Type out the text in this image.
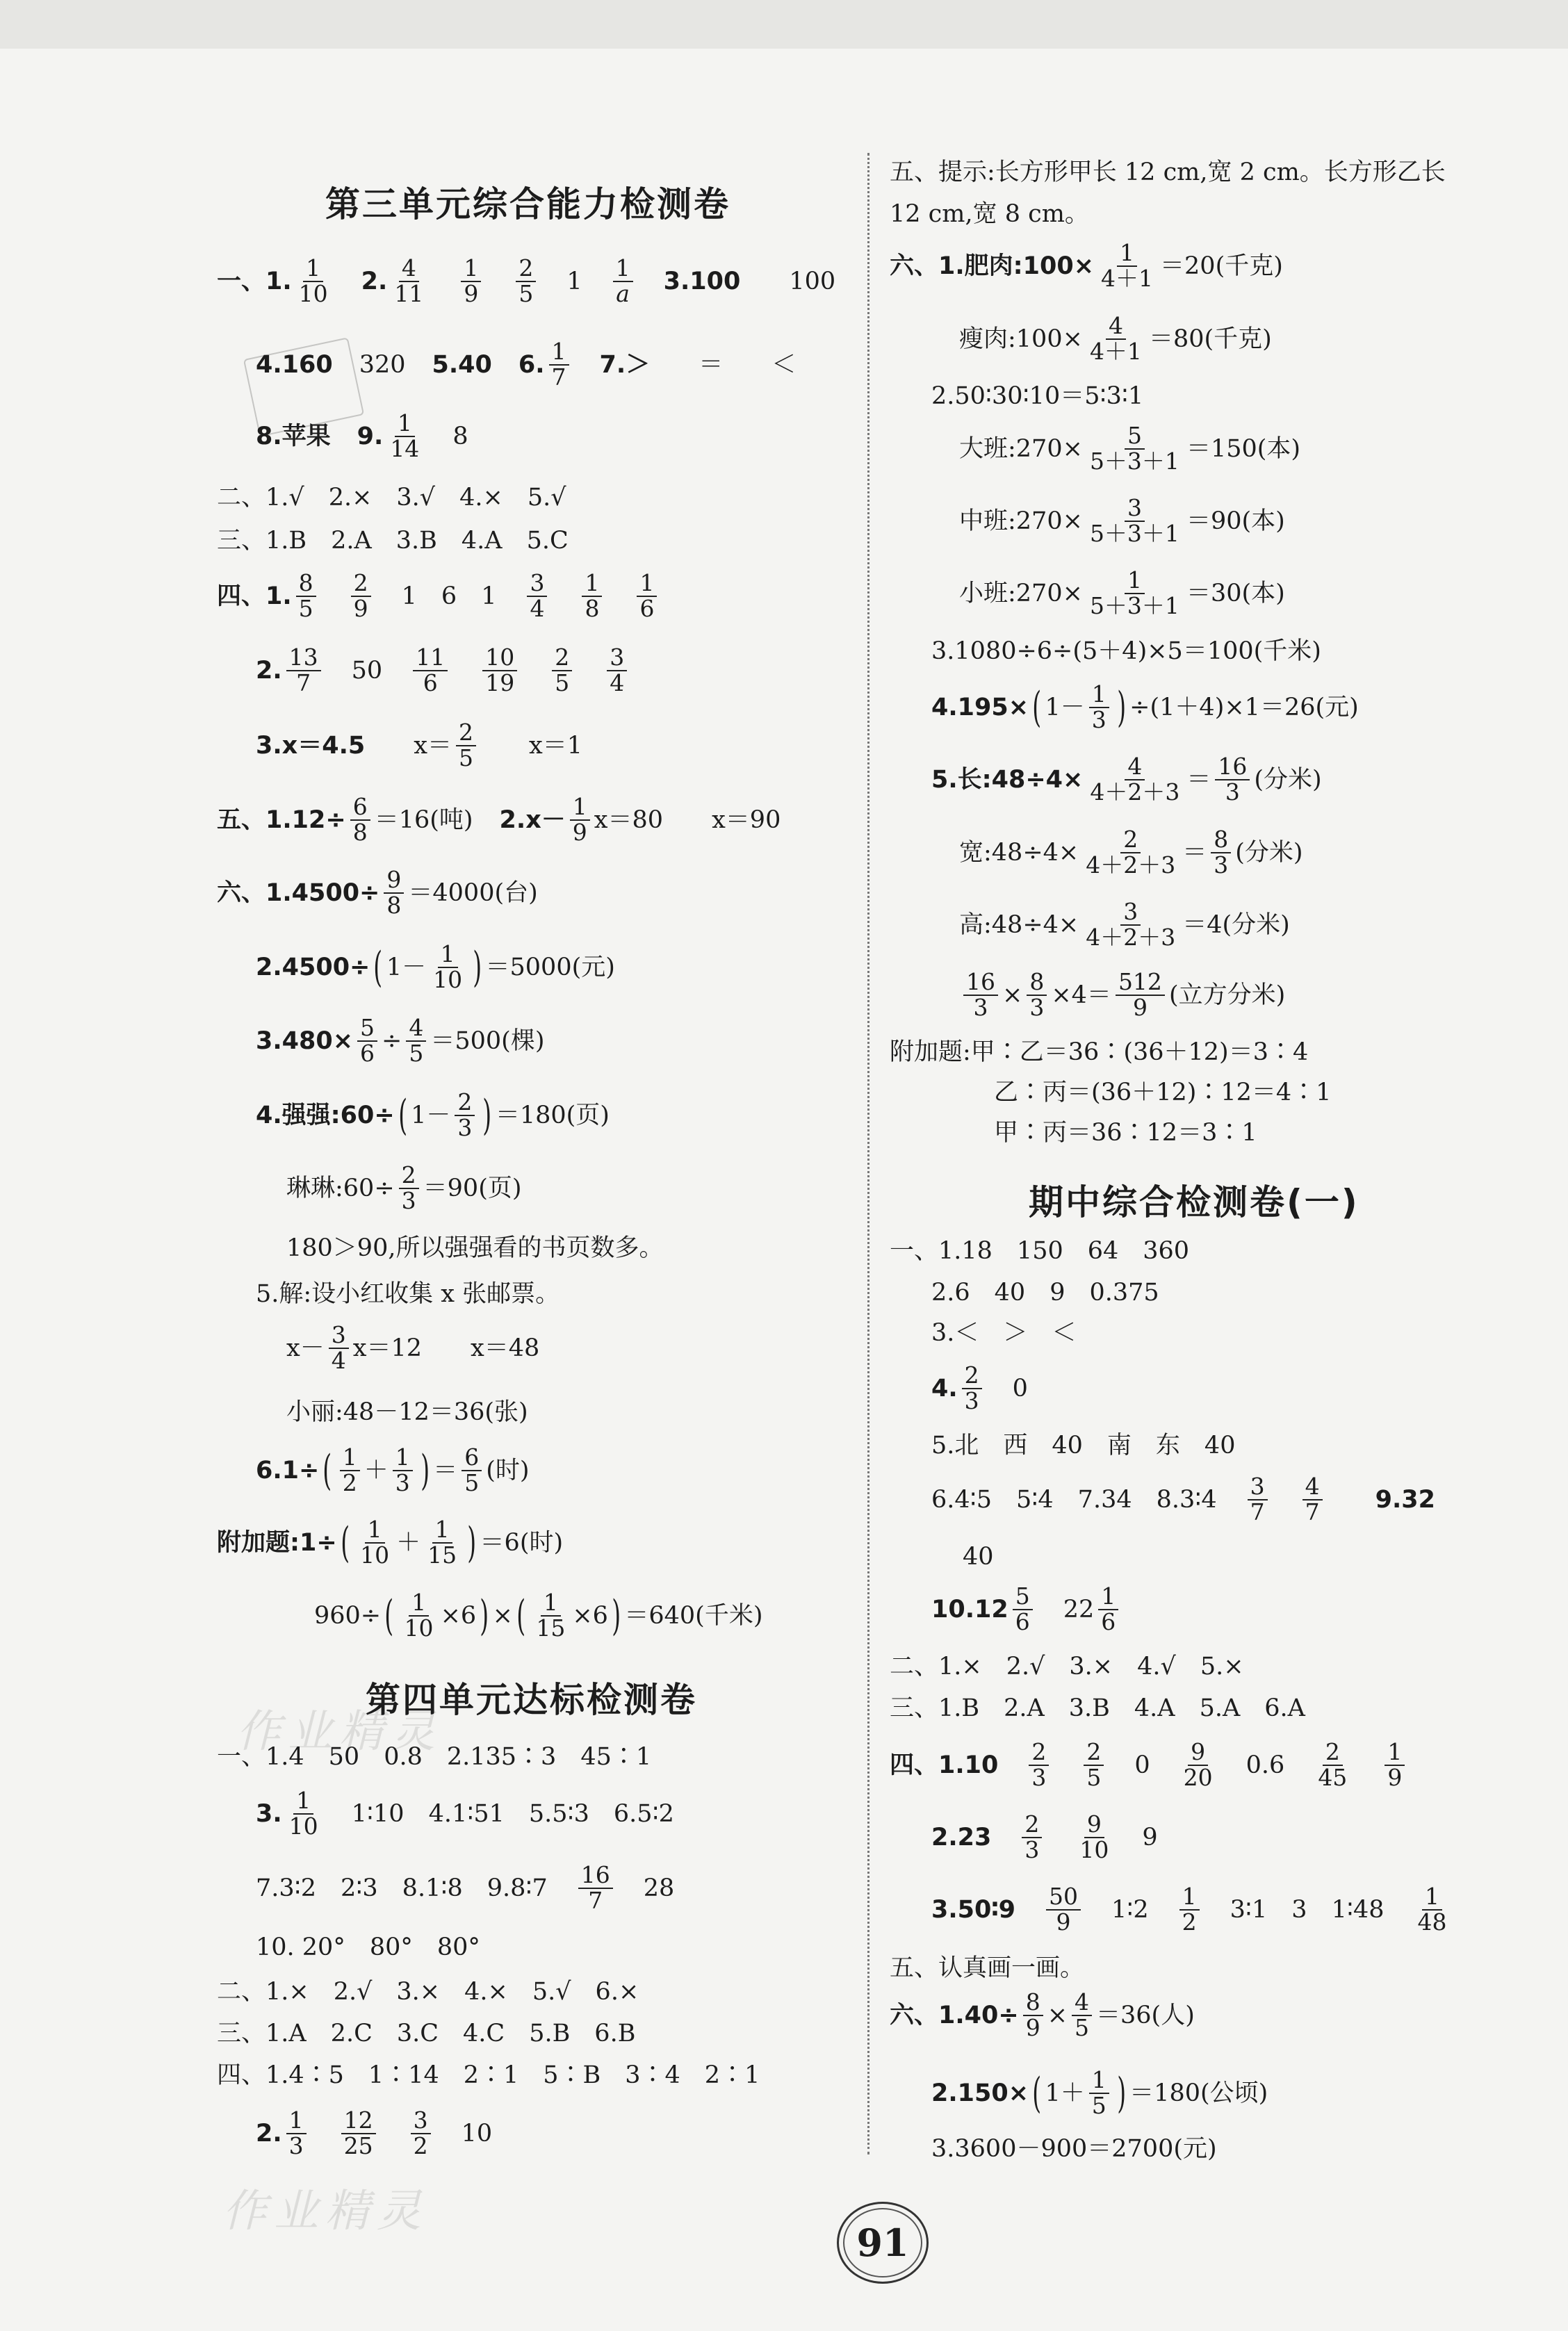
作业精灵
作业精灵
第三单元综合能力检测卷
一、1. $\frac{1}{10} 2$. $\frac{4}{11} \frac{1}{9} \frac{2}{5} 1 \frac{1}{a} 3.100$ 100
4.160 320 5.40 6. $\frac{1}{7} 7.>$ ＝ ＜
8.苹果 9. $\frac{1}{14} 8$
二、1.√　2.×　3.√　4.×　5.√
三、1.B　2.A　3.B　4.A　5.C
四、1. $\frac{8}{5} \frac{2}{9} 1$　6　$1 \frac{3}{4} \frac{1}{8} \frac{1}{6}$
2. $\frac{13}{7} 50 \frac{11}{6} \frac{10}{19} \frac{2}{5} \frac{3}{4}$
3.x＝4.5 $x= \frac{2}{5} x=1$
五、$1.12\div \frac{6}{8} =16$(吨) $2.x- \frac{1}{9} x=80$ x＝90
六、$1.4500\div \frac{9}{8} =4000$(台)
2.4500÷ ( $1- \frac{1}{10}$ ) ＝5000(元)
$3.480\times \frac{5}{6} \div \frac{4}{5} =500$(棵)
4.强强:60÷ ( $1- \frac{2}{3}$ ) ＝180(页)
琳琳:60÷ $\frac{2}{3} =90$(页)
180＞90,所以强强看的书页数多。
5.解:设小红收集 x 张邮票。
$x- \frac{3}{4} x=12$ x＝48
小丽:48－12＝36(张)
6.1÷ ( $\frac{1}{2} + \frac{1}{3}$ ) ＝ $\frac{6}{5}$ (时)
附加题:1÷ ( $\frac{1}{10} + \frac{1}{15}$ ) ＝6(时)
960÷ ( $\frac{1}{10} \times 6$ ) × ( $\frac{1}{15} \times 6$ ) ＝640(千米)
第四单元达标检测卷
一、1.4　50　0.8　2.135∶3　45∶1
3. $\frac{1}{10}$ 1∶10　4.1∶51　5.5∶3　6.5∶2
7.3∶2　2∶3　8.1∶8　9.8∶7 $\frac{16}{7} 28$
10. 20°　80°　80°
二、1.×　2.√　3.×　4.×　5.√　6.×
三、1.A　2.C　3.C　4.C　5.B　6.B
四、1.4∶5　1∶14　2∶1　5∶B　3∶4　2∶1
2. $\frac{1}{3} \frac{12}{25} \frac{3}{2} 10$
五、提示:长方形甲长 12 cm,宽 2 cm。长方形乙长
12 cm,宽 8 cm。
六、1.肥肉:100× $\frac{1}{4+1} =20$(千克)
瘦肉:100× $\frac{4}{4+1} =80$(千克)
2.50∶30∶10＝5∶3∶1
大班:270× $\frac{5}{5+3+1} =150$(本)
中班:270× $\frac{3}{5+3+1} =90$(本)
小班:270× $\frac{1}{5+3+1} =30$(本)
3.1080÷6÷(5＋4)×5＝100(千米)
4.195× ( $1- \frac{1}{3}$ ) ÷(1＋4)×1＝26(元)
5.长:48÷4× $\frac{4}{4+2+3} = \frac{16}{3}$ (分米)
宽:48÷4× $\frac{2}{4+2+3} = \frac{8}{3}$ (分米)
高:48÷4× $\frac{3}{4+2+3} =4$(分米)
$\frac{16}{3} \times \frac{8}{3} \times 4= \frac{512}{9}$ (立方分米)
附加题:甲∶乙＝36∶(36＋12)＝3∶4
乙∶丙＝(36＋12)∶12＝4∶1
甲∶丙＝36∶12＝3∶1
期中综合检测卷(一)
一、1.18　150　64　360
2.6　40　9　0.375
3.＜　＞　＜
4. $\frac{2}{3} 0$
5.北　西　40　南　东　40
6.4∶5　5∶4　7.34　8.3∶4 $\frac{3}{7} \frac{4}{7} 9.32$
40
$10.12 \frac{5}{6} 22 \frac{1}{6}$
二、1.×　2.√　3.×　4.√　5.×
三、1.B　2.A　3.B　4.A　5.A　6.A
四、$1.10 \frac{2}{3} \frac{2}{5} 0 \frac{9}{20} 0.6 \frac{2}{45} \frac{1}{9}$
$2.23 \frac{2}{3} \frac{9}{10} 9$
3.50∶9 $\frac{50}{9}$ 1∶2 $\frac{1}{2}$ 3∶1　3　1∶48 $\frac{1}{48}$
五、认真画一画。
六、$1.40\div \frac{8}{9} \times \frac{4}{5} =36$(人)
2.150× ( $1+ \frac{1}{5}$ ) ＝180(公顷)
3.3600－900＝2700(元)
91
